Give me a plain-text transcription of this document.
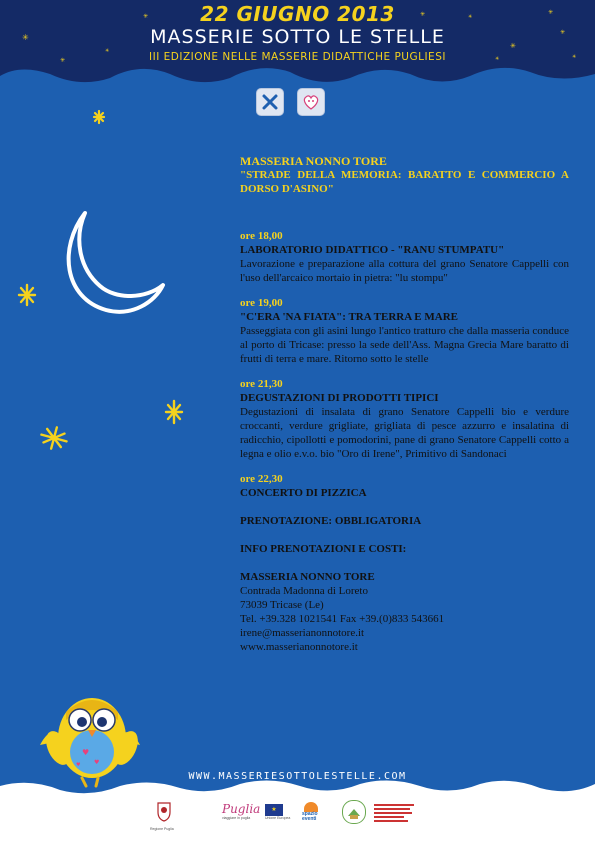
✳
✳
✳
✳
✳	✳
✳
✳
✳
✳
✳
♥
♥
♥
22 GIUGNO 2013
MASSERIE SOTTO LE STELLE
III EDIZIONE NELLE MASSERIE DIDATTICHE PUGLIESI
MASSERIA NONNO TORE
"STRADE DELLA MEMORIA: BARATTO E COMMERCIO A DORSO D'ASINO"
ore 18,00
LABORATORIO DIDATTICO - "RANU STUMPATU"
Lavorazione e preparazione alla cottura del grano Senatore Cappelli con l'uso dell'arcaico mortaio in pietra: "lu stompu"
ore 19,00
"C'ERA 'NA FIATA": TRA TERRA E MARE
Passeggiata con gli asini lungo l'antico tratturo che dalla masseria conduce al porto di Tricase: presso la sede dell'Ass. Magna Grecia Mare baratto di frutti di terra e mare. Ritorno sotto le stelle
ore 21,30
DEGUSTAZIONI DI PRODOTTI TIPICI
Degustazioni di insalata di grano Senatore Cappelli bio e verdure croccanti, verdure grigliate, grigliata di pesce azzurro e insalatina di radicchio, cipollotti e pomodorini, pane di grano Senatore Cappelli cotto a legna e olio e.v.o. bio "Oro di Irene", Primitivo di Sandonaci
ore 22,30
CONCERTO DI PIZZICA
PRENOTAZIONE: OBBLIGATORIA
INFO PRENOTAZIONI E COSTI:
MASSERIA NONNO TORE
Contrada Madonna di Loreto
73039 Tricase (Le)
Tel. +39.328 1021541 Fax +39.(0)833 543661
irene@masserianonnotore.it
www.masserianonnotore.it
WWW.MASSERIESOTTOLESTELLE.COM
Regione Puglia
Puglia
viaggiare in puglia
★
Unione Europea
spazio eventi
